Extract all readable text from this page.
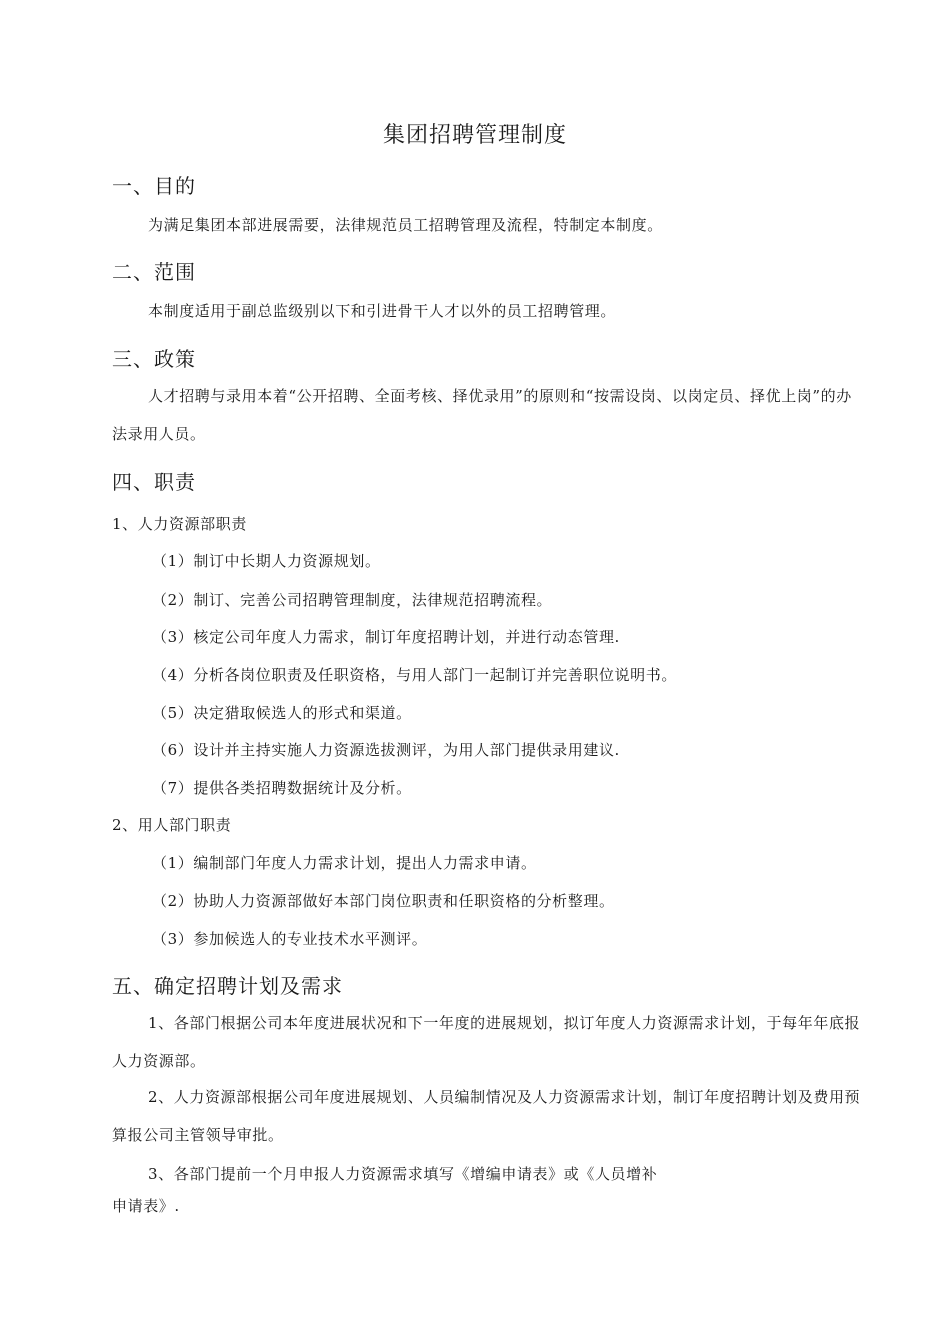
集团招聘管理制度
一、目的
为满足集团本部进展需要，法律规范员工招聘管理及流程，特制定本制度。
二、范围
本制度适用于副总监级别以下和引进骨干人才以外的员工招聘管理。
三、政策
人才招聘与录用本着“公开招聘、全面考核、择优录用”的原则和“按需设岗、以岗定员、择优上岗”的办法录用人员。
四、职责
1、人力资源部职责
（1）制订中长期人力资源规划。
（2）制订、完善公司招聘管理制度，法律规范招聘流程。
（3）核定公司年度人力需求，制订年度招聘计划，并进行动态管理.
（4）分析各岗位职责及任职资格，与用人部门一起制订并完善职位说明书。
（5）决定猎取候选人的形式和渠道。
（6）设计并主持实施人力资源选拔测评，为用人部门提供录用建议.
（7）提供各类招聘数据统计及分析。
2、用人部门职责
（1）编制部门年度人力需求计划，提出人力需求申请。
（2）协助人力资源部做好本部门岗位职责和任职资格的分析整理。
（3）参加候选人的专业技术水平测评。
五、确定招聘计划及需求
1、各部门根据公司本年度进展状况和下一年度的进展规划，拟订年度人力资源需求计划，于每年年底报人力资源部。
2、人力资源部根据公司年度进展规划、人员编制情况及人力资源需求计划，制订年度招聘计划及费用预算报公司主管领导审批。
3、各部门提前一个月申报人力资源需求填写《增编申请表》或《人员增补
申请表》.
